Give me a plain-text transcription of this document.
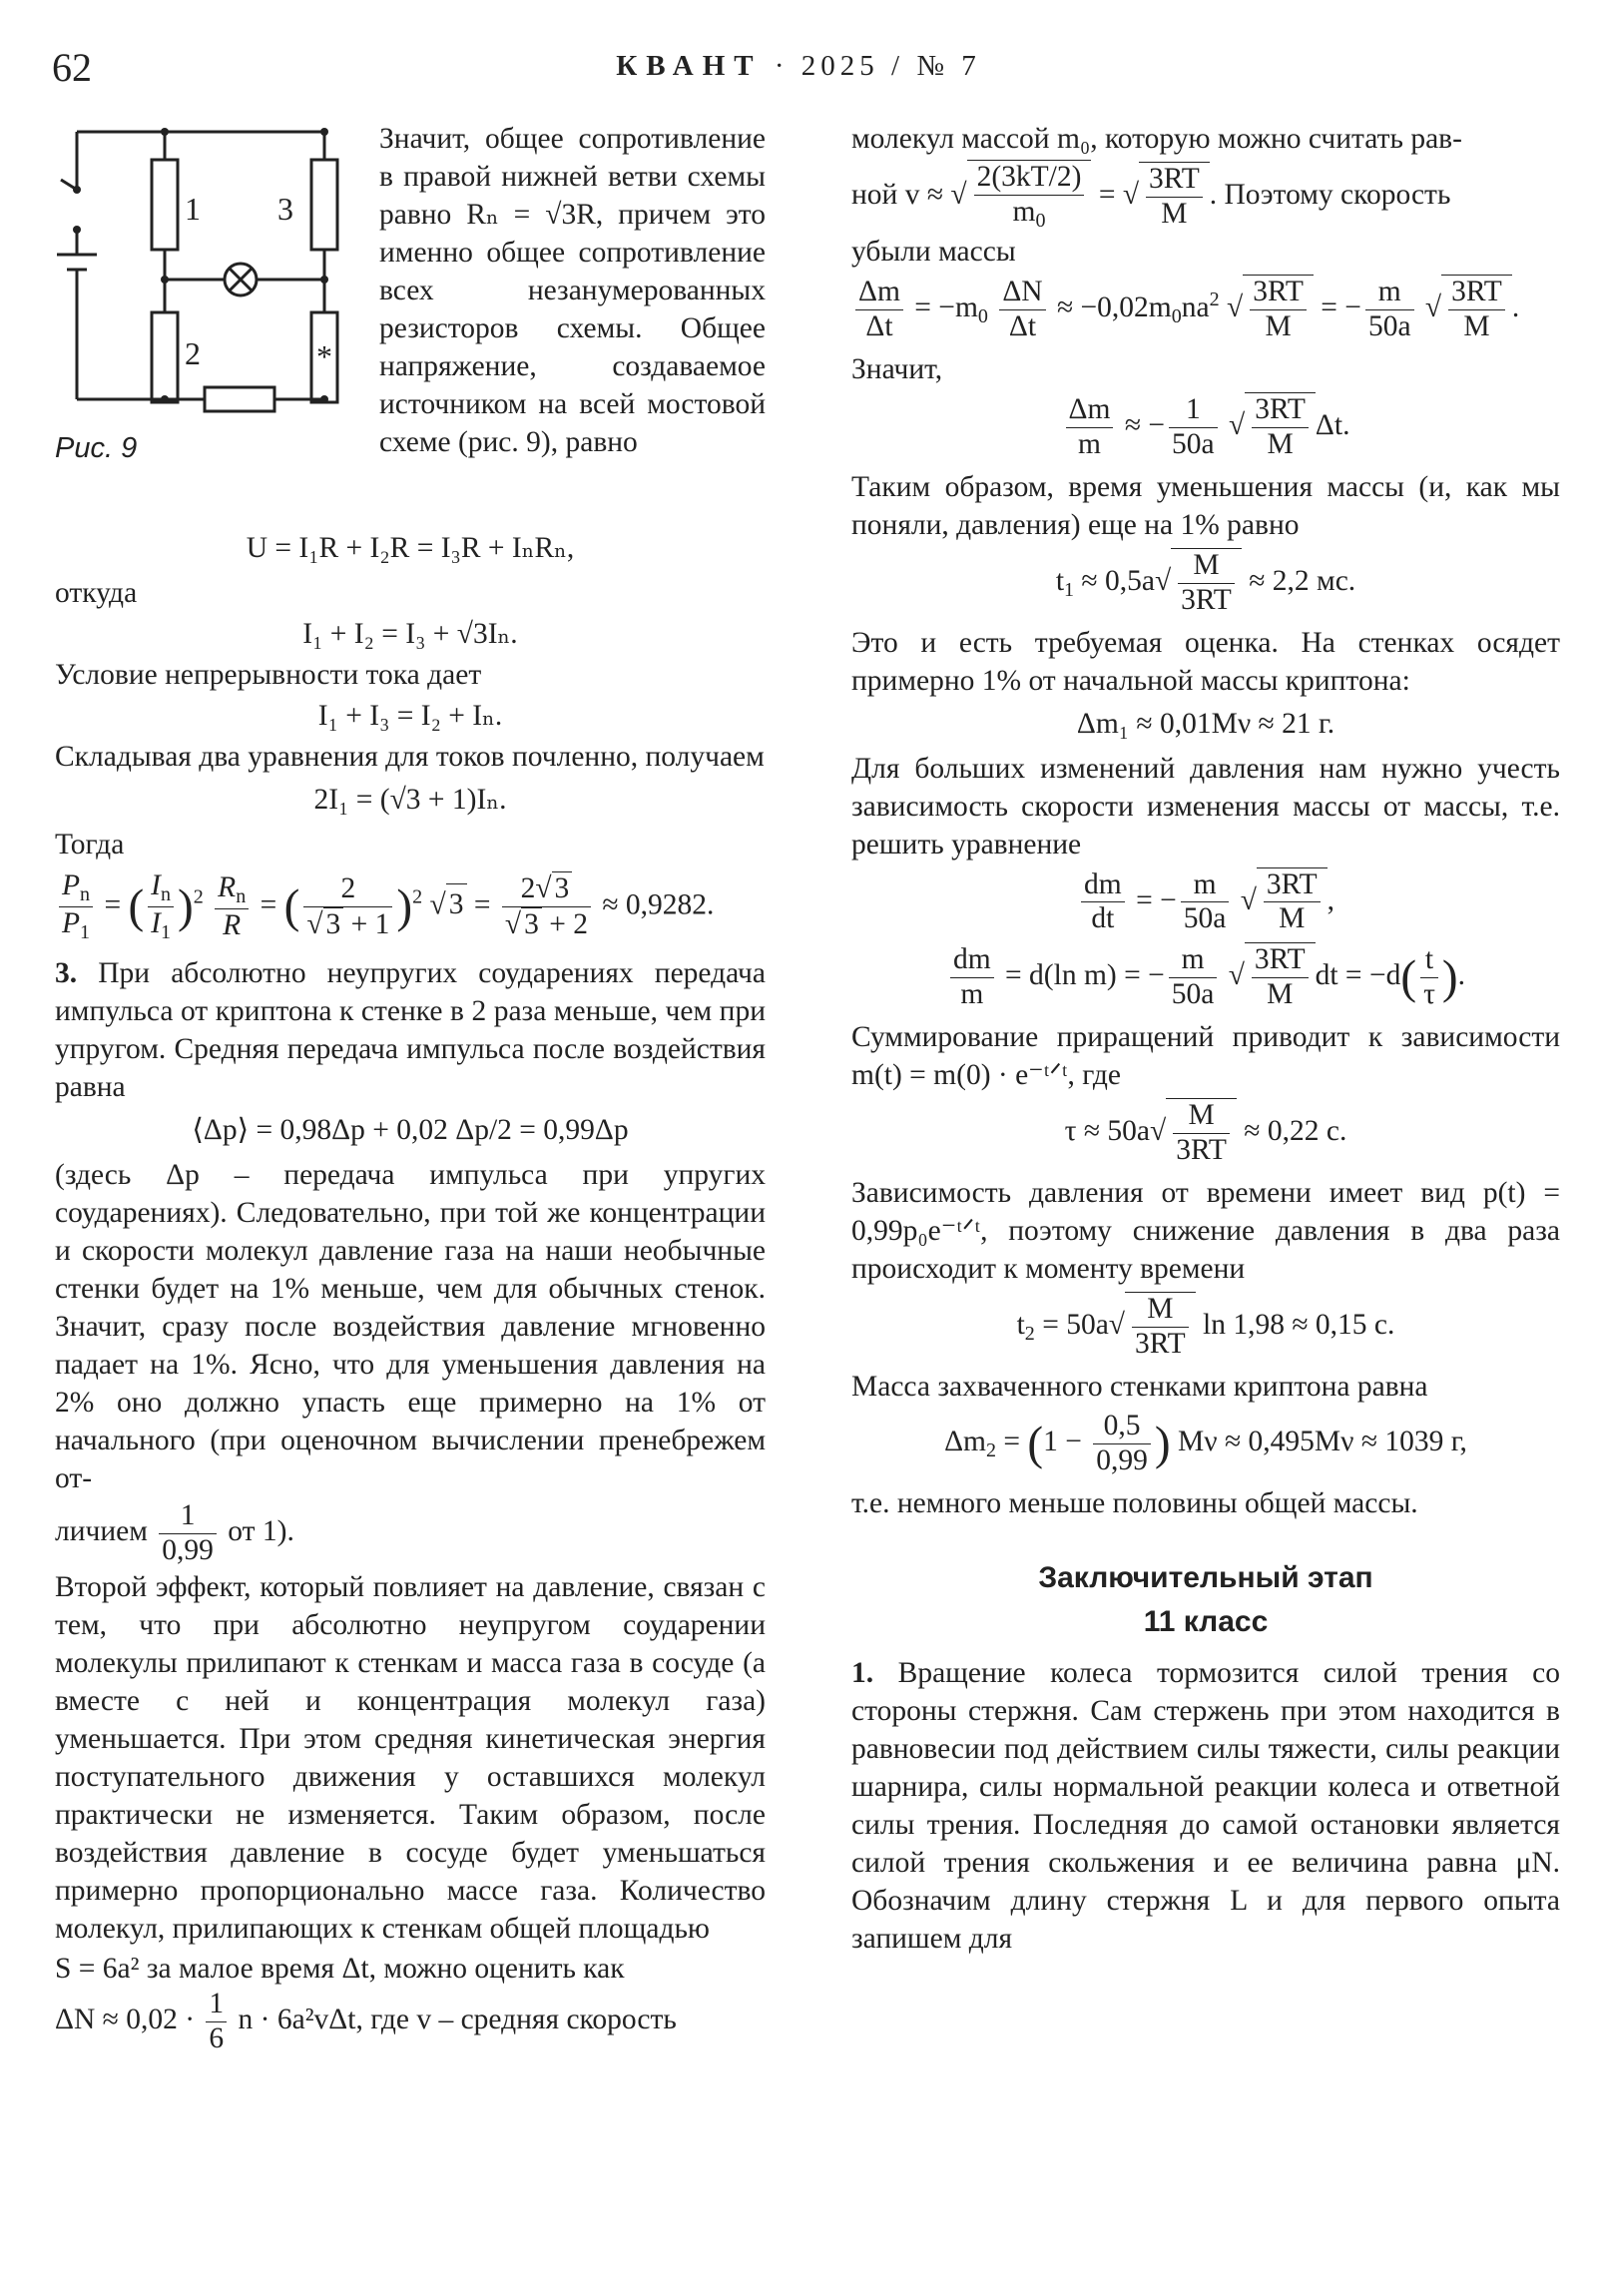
62	КВАНТ · 2025 / № 7
1 3
2	*
Рис. 9
Значит, общее сопротивление в правой нижней ветви схемы равно Rₙ = √3R, причем это именно общее сопротивление всех незанумерованных резисторов схемы. Общее напряжение, создаваемое источником на всей мостовой схеме (рис. 9), равно
U = I₁R + I₂R = I₃R + IₙRₙ,
откуда
I₁ + I₂ = I₃ + √3Iₙ.
Условие непрерывности тока дает
I₁ + I₃ = I₂ + Iₙ.
Складывая два уравнения для токов почленно, получаем
2I₁ = (√3 + 1)Iₙ.
Тогда
$\frac{P_n}{P_1}$ = ( $\frac{I_n}{I_1} )^2 \frac{R_n}{R}$ = ( $\frac{2}{√ 3 + 1} )^2$ √ $3 = \frac{2√ 3}{√ 3 + 2} \approx 0,9282$.
3. При абсолютно неупругих соударениях передача импульса от криптона к стенке в 2 раза меньше, чем при упругом. Средняя передача импульса после воздействия равна
⟨Δp⟩ = 0,98Δp + 0,02 Δp/2 = 0,99Δp
(здесь Δp – передача импульса при упругих соударениях). Следовательно, при той же концентрации и скорости молекул давление газа на наши необычные стенки будет на 1% меньше, чем для обычных стенок. Значит, сразу после воздействия давление мгновенно падает на 1%. Ясно, что для уменьшения давления на 2% оно должно упасть еще примерно на 1% от начального (при оценочном вычислении пренебрежем от-
личием $\frac{1}{0,99}$ от 1).
Второй эффект, который повлияет на давление, связан с тем, что при абсолютно неупругом соударении молекулы прилипают к стенкам и масса газа в сосуде (а вместе с ней и концентрация молекул газа) уменьшается. При этом средняя кинетическая энергия поступательного движения у оставшихся молекул практически не изменяется. Таким образом, после воздействия давление в сосуде будет уменьшаться примерно пропорционально массе газа. Количество молекул, прилипающих к стенкам общей площадью
S = 6a² за малое время Δt, можно оценить как
$\Delta N \approx 0,02 \cdot \frac{1}{6}$ n · 6a²vΔt, где v – средняя скорость
молекул массой m₀, которую можно считать рав-
ной v ≈ √ $\frac{2(3kT/2)}{m_0}$ = √ $\frac{3RT}{M}$ . Поэтому скорость
убыли массы
$\frac{\Delta m}{\Delta t} = -m_0 \frac{\Delta N}{\Delta t} \approx -0,02m_0na^2$ √ $\frac{3RT}{M}$ = − $\frac{m}{50a}$ √ $\frac{3RT}{M}$ .
Значит,
$\frac{\Delta m}{m}$ ≈ − $\frac{1}{50a}$ √ $\frac{3RT}{M} \Delta t$.
Таким образом, время уменьшения массы (и, как мы поняли, давления) еще на 1% равно
$t_1 \approx 0,5a√ \frac{M}{3RT} \approx 2,2$ мс.
Это и есть требуемая оценка. На стенках осядет примерно 1% от начальной массы криптона:
Δm₁ ≈ 0,01Mν ≈ 21 г.
Для больших изменений давления нам нужно учесть зависимость скорости изменения массы от массы, т.е. решить уравнение
$\frac{dm}{dt}$ = − $\frac{m}{50a}$ √ $\frac{3RT}{M}$ ,
$\frac{dm}{m} = d(\ln$ m) = − $\frac{m}{50a}$ √ $\frac{3RT}{M}$ dt = $-d( \frac{t}{\tau}$ ).
Суммирование приращений приводит к зависимости m(t) = m(0) · e⁻ᵗᐟᵗ, где
$\tau \approx 50a√ \frac{M}{3RT} \approx 0,22$ с.
Зависимость давления от времени имеет вид p(t) = 0,99p₀e⁻ᵗᐟᵗ, поэтому снижение давления в два раза происходит к моменту времени
$t_2 = 50a√ \frac{M}{3RT}$ ln 1,98 ≈ 0,15 с.
Масса захваченного стенками криптона равна
$\Delta m_2 = (1 - \frac{0,5}{0,99}$ ) Mν ≈ 0,495Mν ≈ 1039 г,
т.е. немного меньше половины общей массы.
Заключительный этап
11 класс
1. Вращение колеса тормозится силой трения со стороны стержня. Сам стержень при этом находится в равновесии под действием силы тяжести, силы реакции шарнира, силы нормальной реакции колеса и ответной силы трения. Последняя до самой остановки является силой трения скольжения и ее величина равна μN. Обозначим длину стержня L и для первого опыта запишем для
